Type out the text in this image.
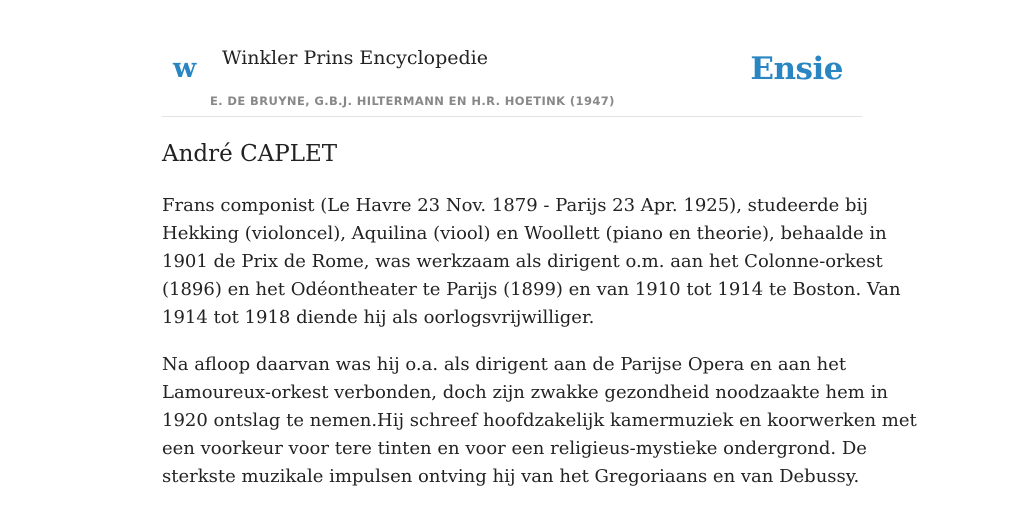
w Winkler Prins Encyclopedie
E. DE BRUYNE, G.B.J. HILTERMANN EN H.R. HOETINK (1947)
Ensie
André CAPLET

Frans componist (Le Havre 23 Nov. 1879 - Parijs 23 Apr. 1925), studeerde bij
Hekking (violoncel), Aquilina (viool) en Woollett (piano en theorie), behaalde in
1901 de Prix de Rome, was werkzaam als dirigent o.m. aan het Colonne-orkest
(1896) en het Odéontheater te Parijs (1899) en van 1910 tot 1914 te Boston. Van
1914 tot 1918 diende hij als oorlogsvrijwilliger.

Na afloop daarvan was hij o.a. als dirigent aan de Parijse Opera en aan het
Lamoureux-orkest verbonden, doch zijn zwakke gezondheid noodzaakte hem in
1920 ontslag te nemen.Hij schreef hoofdzakelijk kamermuziek en koorwerken met
een voorkeur voor tere tinten en voor een religieus-mystieke ondergrond. De
sterkste muzikale impulsen ontving hij van het Gregoriaans en van Debussy.
